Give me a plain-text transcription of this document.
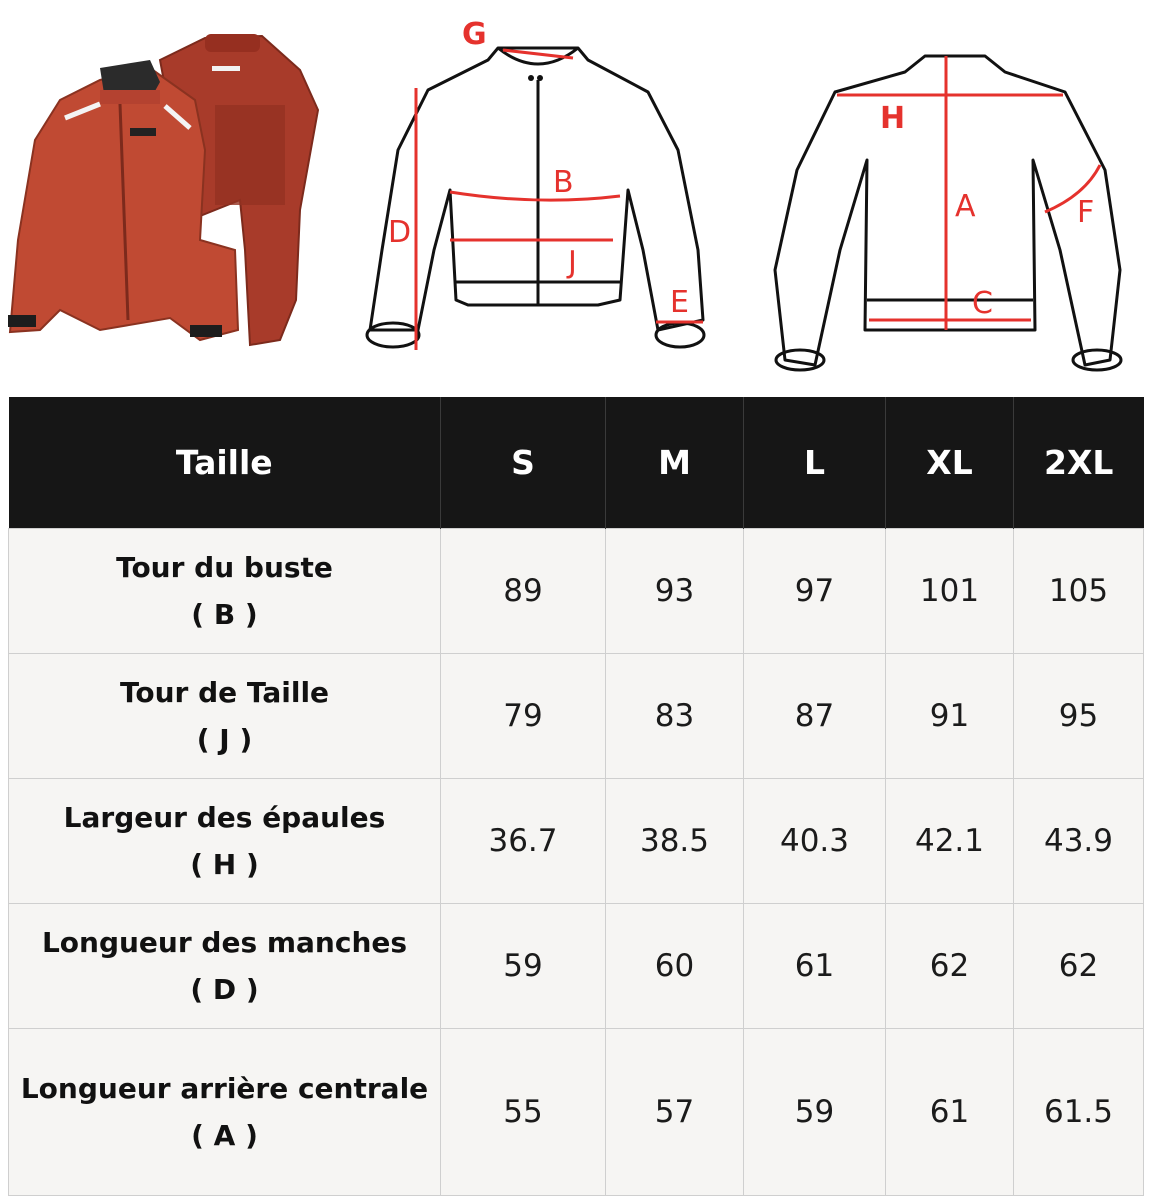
G
B
D
J
E
H
A	F
C
Taille	S	M	L	XL	2XL
Tour du buste
( B )	89	93	97	101	105
Tour de Taille
( J )	79	83	87	91	95
Largeur des épaules
( H )	36.7	38.5	40.3	42.1	43.9
Longueur des manches
( D )	59	60	61	62	62
Longueur arrière centrale
( A )	55	57	59	61	61.5
